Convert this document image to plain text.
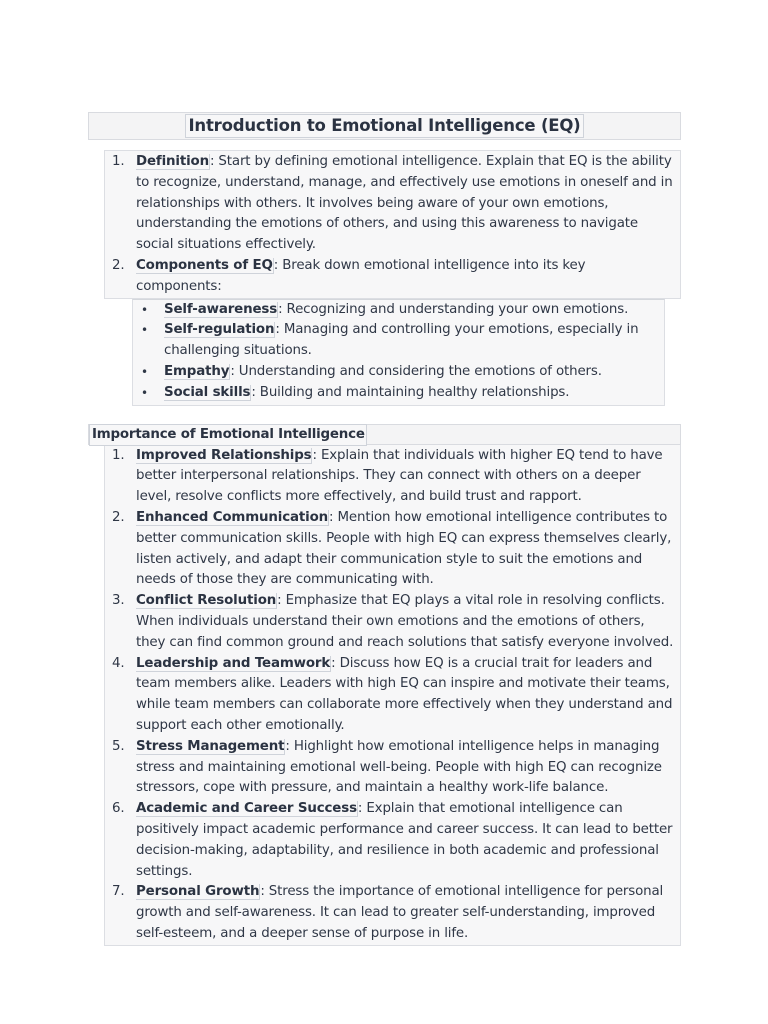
Introduction to Emotional Intelligence (EQ)
1. Definition: Start by defining emotional intelligence. Explain that EQ is the ability to recognize, understand, manage, and effectively use emotions in oneself and in relationships with others. It involves being aware of your own emotions, understanding the emotions of others, and using this awareness to navigate social situations effectively.
2. Components of EQ: Break down emotional intelligence into its key components:
• Self-awareness: Recognizing and understanding your own emotions.
• Self-regulation: Managing and controlling your emotions, especially in challenging situations.
• Empathy: Understanding and considering the emotions of others.
• Social skills: Building and maintaining healthy relationships.
Importance of Emotional Intelligence
1. Improved Relationships: Explain that individuals with higher EQ tend to have better interpersonal relationships. They can connect with others on a deeper level, resolve conflicts more effectively, and build trust and rapport.
2. Enhanced Communication: Mention how emotional intelligence contributes to better communication skills. People with high EQ can express themselves clearly, listen actively, and adapt their communication style to suit the emotions and needs of those they are communicating with.
3. Conflict Resolution: Emphasize that EQ plays a vital role in resolving conflicts. When individuals understand their own emotions and the emotions of others, they can find common ground and reach solutions that satisfy everyone involved.
4. Leadership and Teamwork: Discuss how EQ is a crucial trait for leaders and team members alike. Leaders with high EQ can inspire and motivate their teams, while team members can collaborate more effectively when they understand and support each other emotionally.
5. Stress Management: Highlight how emotional intelligence helps in managing stress and maintaining emotional well-being. People with high EQ can recognize stressors, cope with pressure, and maintain a healthy work-life balance.
6. Academic and Career Success: Explain that emotional intelligence can positively impact academic performance and career success. It can lead to better decision-making, adaptability, and resilience in both academic and professional settings.
7. Personal Growth: Stress the importance of emotional intelligence for personal growth and self-awareness. It can lead to greater self-understanding, improved self-esteem, and a deeper sense of purpose in life.
